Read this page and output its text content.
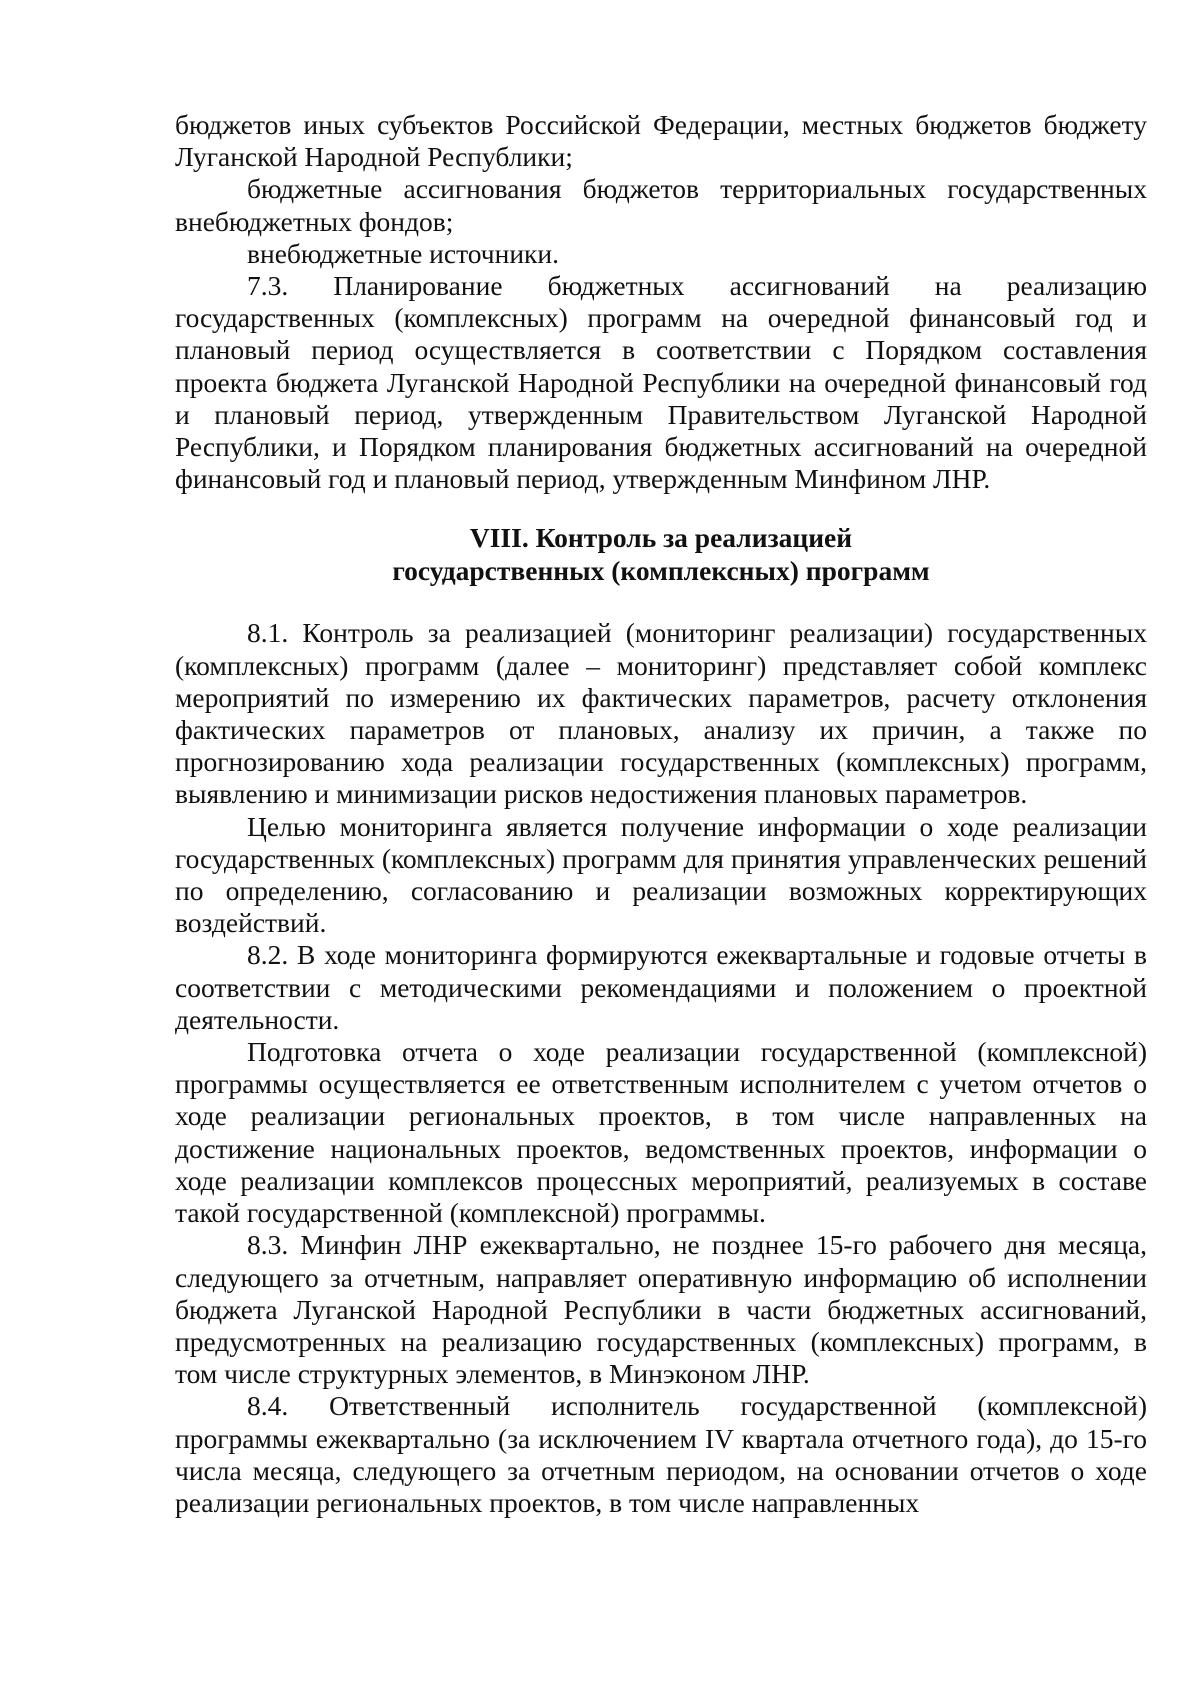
бюджетов иных субъектов Российской Федерации, местных бюджетов бюджету Луганской Народной Республики;

бюджетные ассигнования бюджетов территориальных государственных внебюджетных фондов;

внебюджетные источники.

7.3. Планирование бюджетных ассигнований на реализацию государственных (комплексных) программ на очередной финансовый год и плановый период осуществляется в соответствии с Порядком составления проекта бюджета Луганской Народной Республики на очередной финансовый год и плановый период, утвержденным Правительством Луганской Народной Республики, и Порядком планирования бюджетных ассигнований на очередной финансовый год и плановый период, утвержденным Минфином ЛНР.

VIII. Контроль за реализацией
государственных (комплексных) программ

8.1. Контроль за реализацией (мониторинг реализации) государственных (комплексных) программ (далее – мониторинг) представляет собой комплекс мероприятий по измерению их фактических параметров, расчету отклонения фактических параметров от плановых, анализу их причин, а также по прогнозированию хода реализации государственных (комплексных) программ, выявлению и минимизации рисков недостижения плановых параметров.

Целью мониторинга является получение информации о ходе реализации государственных (комплексных) программ для принятия управленческих решений по определению, согласованию и реализации возможных корректирующих воздействий.

8.2. В ходе мониторинга формируются ежеквартальные и годовые отчеты в соответствии с методическими рекомендациями и положением о проектной деятельности.

Подготовка отчета о ходе реализации государственной (комплексной) программы осуществляется ее ответственным исполнителем с учетом отчетов о ходе реализации региональных проектов, в том числе направленных на достижение национальных проектов, ведомственных проектов, информации о ходе реализации комплексов процессных мероприятий, реализуемых в составе такой государственной (комплексной) программы.

8.3. Минфин ЛНР ежеквартально, не позднее 15-го рабочего дня месяца, следующего за отчетным, направляет оперативную информацию об исполнении бюджета Луганской Народной Республики в части бюджетных ассигнований, предусмотренных на реализацию государственных (комплексных) программ, в том числе структурных элементов, в Минэконом ЛНР.

8.4. Ответственный исполнитель государственной (комплексной) программы ежеквартально (за исключением IV квартала отчетного года), до 15-го числа месяца, следующего за отчетным периодом, на основании отчетов о ходе реализации региональных проектов, в том числе направленных
